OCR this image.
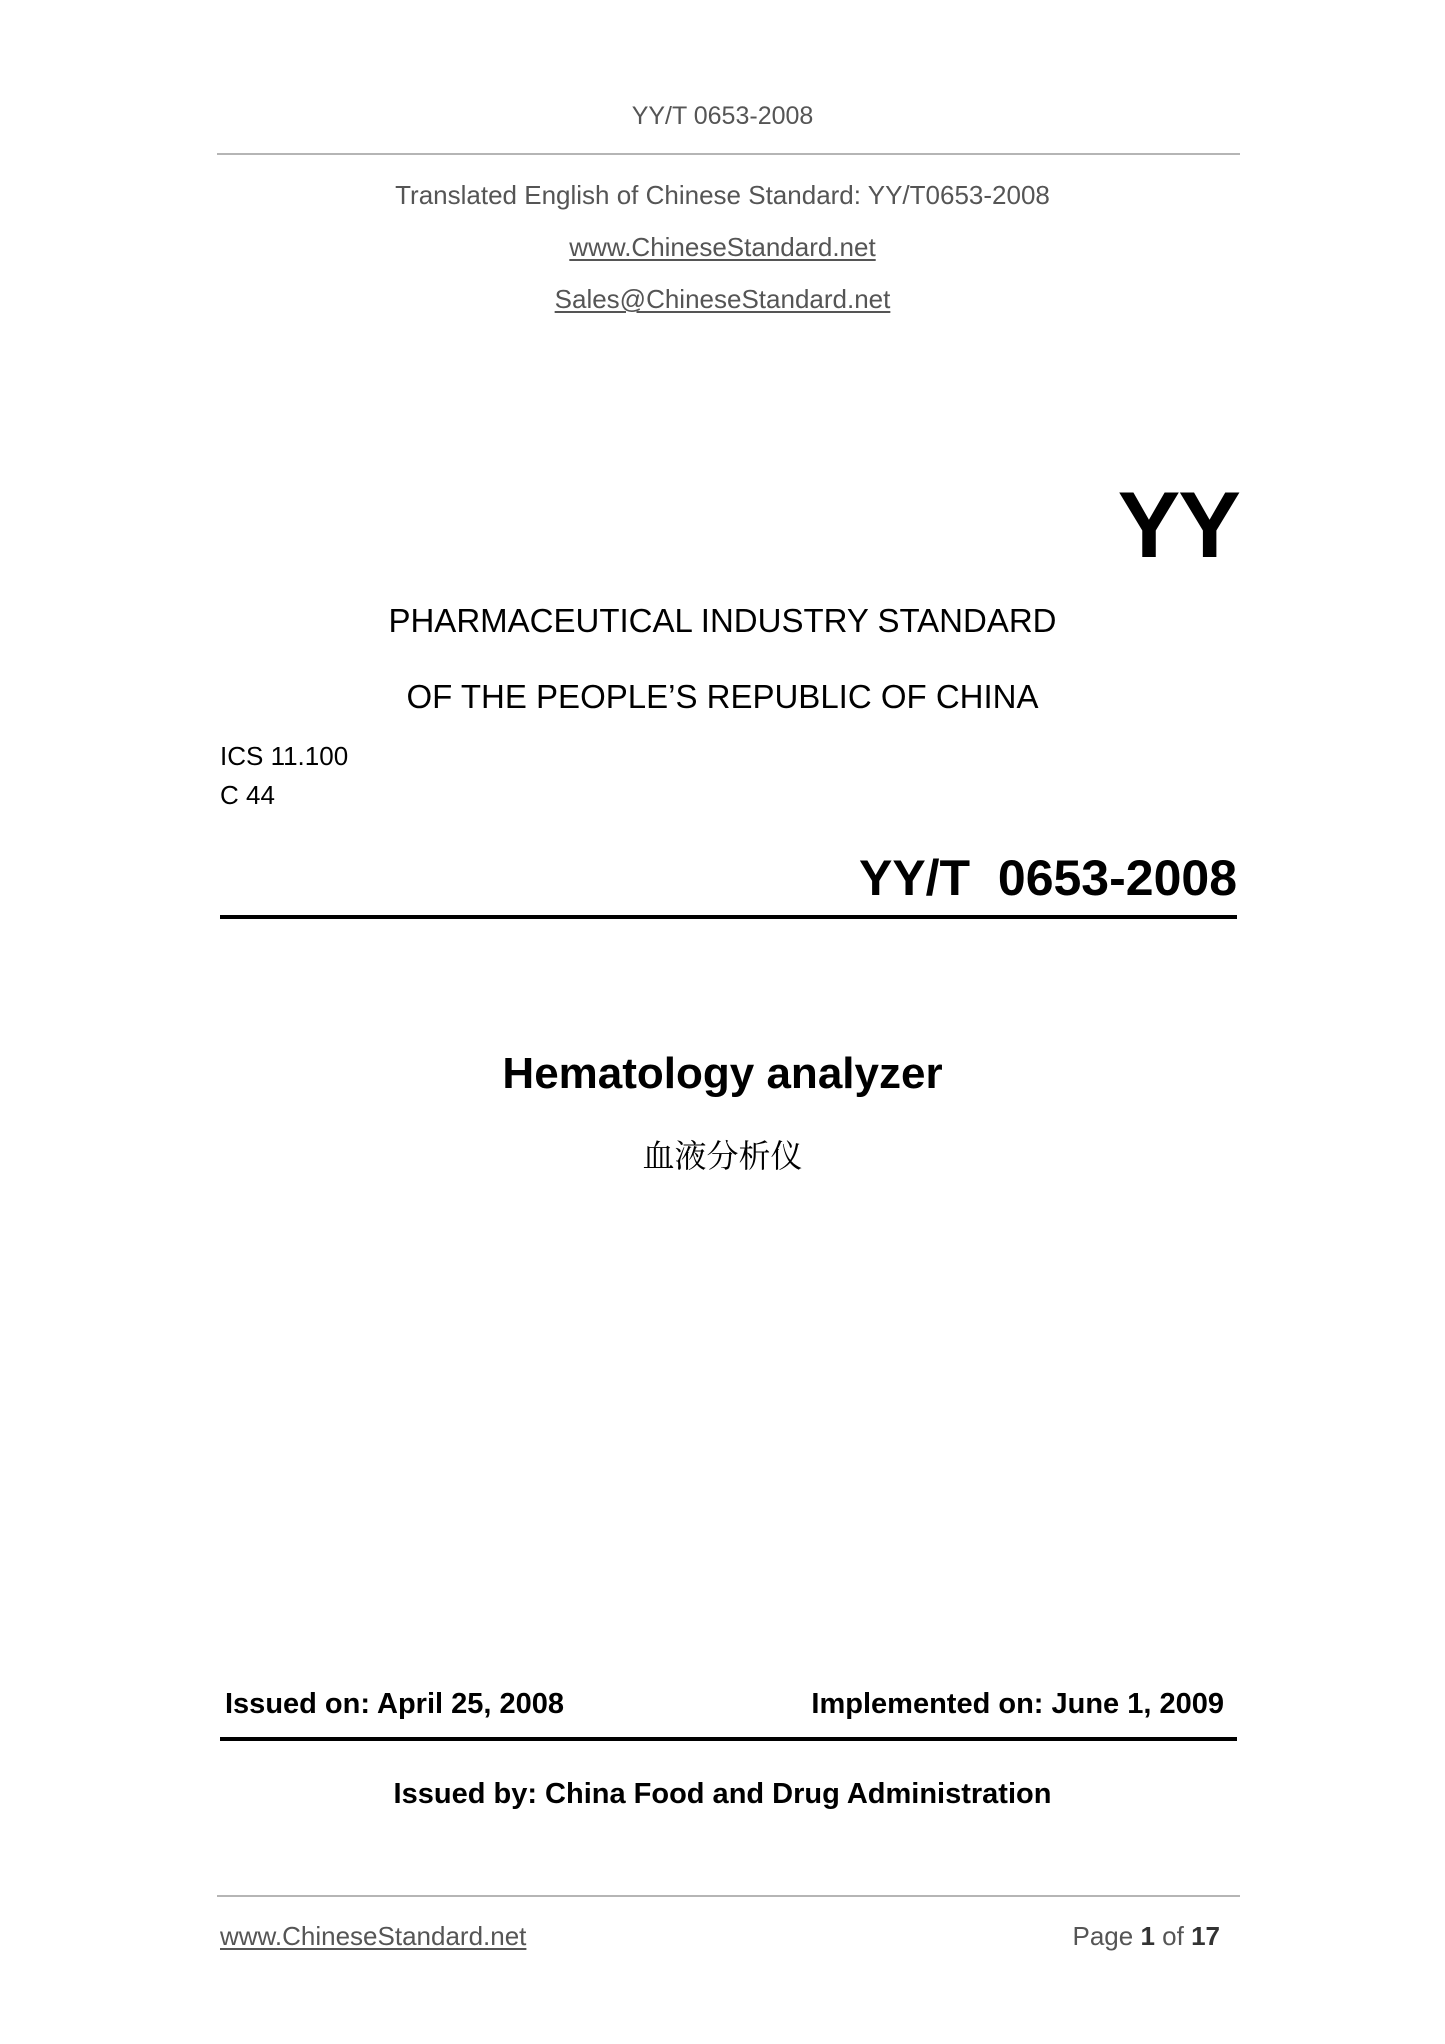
YY/T 0653-2008
Translated English of Chinese Standard: YY/T0653-2008
www.ChineseStandard.net
Sales@ChineseStandard.net
YY
PHARMACEUTICAL INDUSTRY STANDARD
OF THE PEOPLE’S REPUBLIC OF CHINA
ICS 11.100
C 44
YY/T  0653-2008
Hematology analyzer
血液分析仪
Issued on: April 25, 2008	Implemented on: June 1, 2009
Issued by: China Food and Drug Administration
www.ChineseStandard.net	Page 1 of 17
